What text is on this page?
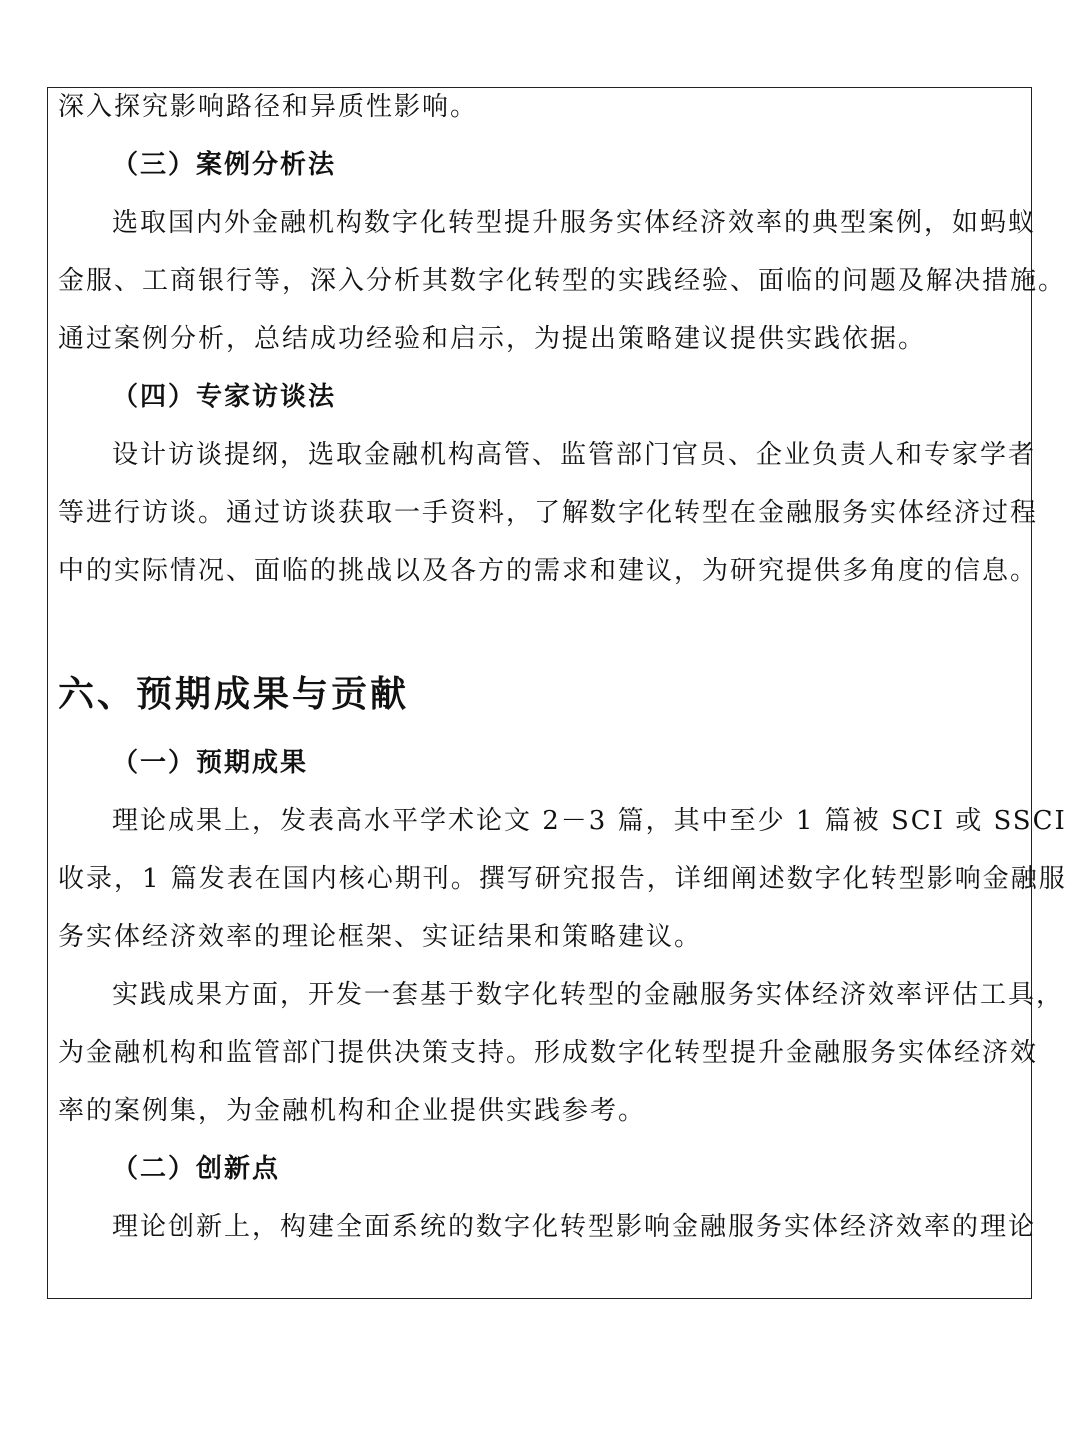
深入探究影响路径和异质性影响。

（三）案例分析法

选取国内外金融机构数字化转型提升服务实体经济效率的典型案例，如蚂蚁
金服、工商银行等，深入分析其数字化转型的实践经验、面临的问题及解决措施。
通过案例分析，总结成功经验和启示，为提出策略建议提供实践依据。

（四）专家访谈法

设计访谈提纲，选取金融机构高管、监管部门官员、企业负责人和专家学者
等进行访谈。通过访谈获取一手资料，了解数字化转型在金融服务实体经济过程
中的实际情况、面临的挑战以及各方的需求和建议，为研究提供多角度的信息。

六、预期成果与贡献
（一）预期成果

理论成果上，发表高水平学术论文 2－3 篇，其中至少 1 篇被 SCI 或 SSCI
收录，1 篇发表在国内核心期刊。撰写研究报告，详细阐述数字化转型影响金融服
务实体经济效率的理论框架、实证结果和策略建议。

实践成果方面，开发一套基于数字化转型的金融服务实体经济效率评估工具，
为金融机构和监管部门提供决策支持。形成数字化转型提升金融服务实体经济效
率的案例集，为金融机构和企业提供实践参考。

（二）创新点

理论创新上，构建全面系统的数字化转型影响金融服务实体经济效率的理论
